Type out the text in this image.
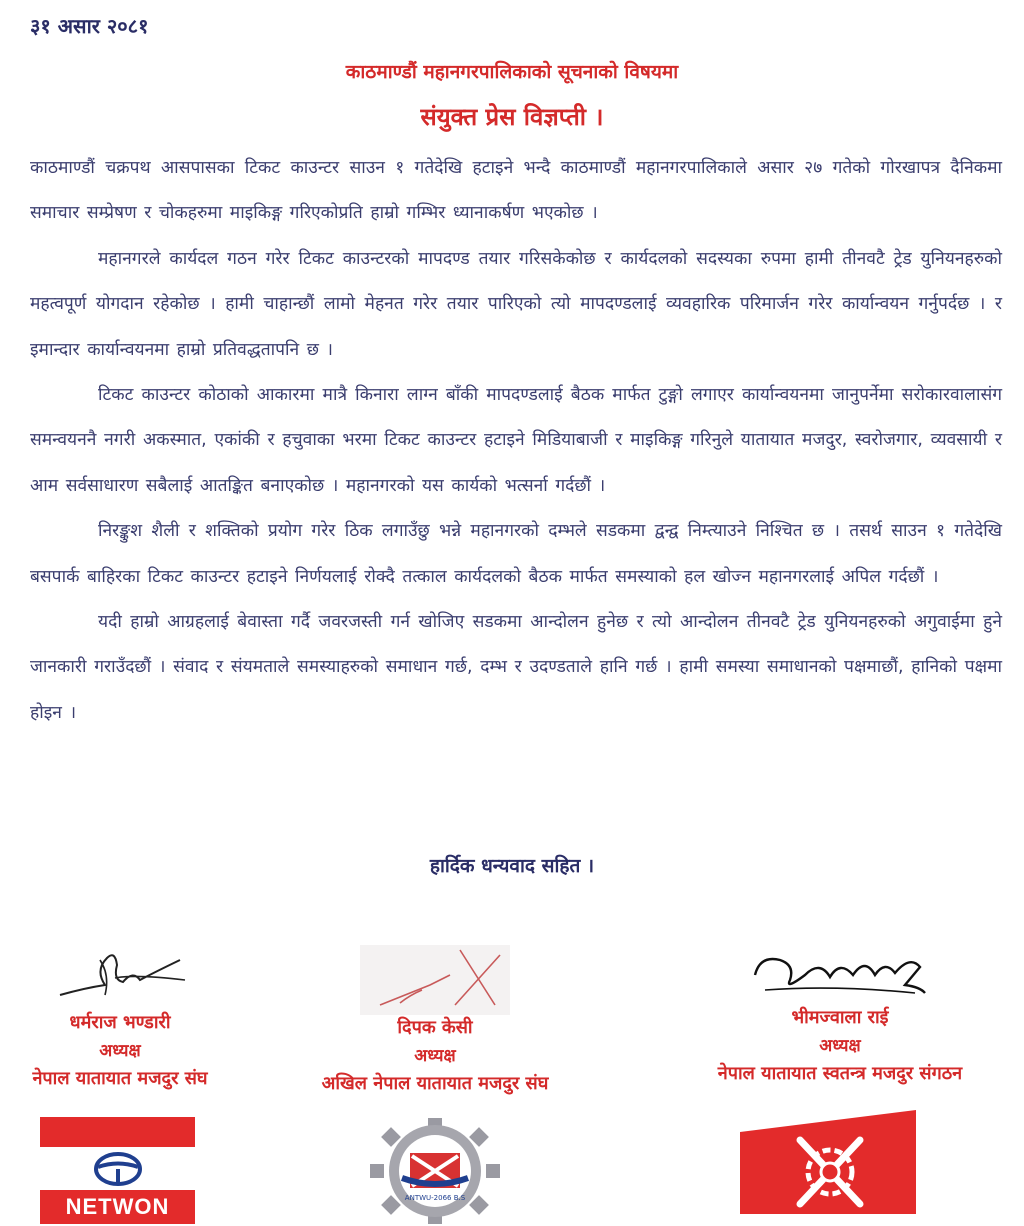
३१ असार २०८१
काठमाण्डौं महानगरपालिकाको सूचनाको विषयमा
संयुक्त प्रेस विज्ञप्ती ।

काठमाण्डौं चक्रपथ आसपासका टिकट काउन्टर साउन १ गतेदेखि हटाइने भन्दै काठमाण्डौं महानगरपालिकाले असार २७ गतेको गोरखापत्र दैनिकमा समाचार सम्प्रेषण र चोकहरुमा माइकिङ्ग गरिएकोप्रति हाम्रो गम्भिर ध्यानाकर्षण भएकोछ ।

महानगरले कार्यदल गठन गरेर टिकट काउन्टरको मापदण्ड तयार गरिसकेकोछ र कार्यदलको सदस्यका रुपमा हामी तीनवटै ट्रेड युनियनहरुको महत्वपूर्ण योगदान रहेकोछ । हामी चाहान्छौं लामो मेहनत गरेर तयार पारिएको त्यो मापदण्डलाई व्यवहारिक परिमार्जन गरेर कार्यान्वयन गर्नुपर्दछ । र इमान्दार कार्यान्वयनमा हाम्रो प्रतिवद्धतापनि छ ।

टिकट काउन्टर कोठाको आकारमा मात्रै किनारा लाग्न बाँकी मापदण्डलाई बैठक मार्फत टुङ्गो लगाएर कार्यान्वयनमा जानुपर्नेमा सरोकारवालासंग समन्वयननै नगरी अकस्मात, एकांकी र हचुवाका भरमा टिकट काउन्टर हटाइने मिडियाबाजी र माइकिङ्ग गरिनुले यातायात मजदुर, स्वरोजगार, व्यवसायी र आम सर्वसाधारण सबैलाई आतङ्कित बनाएकोछ । महानगरको यस कार्यको भत्सर्ना गर्दछौं ।

निरङ्कुश शैली र शक्तिको प्रयोग गरेर ठिक लगाउँछु भन्ने महानगरको दम्भले सडकमा द्वन्द्व निम्त्याउने निश्चित छ । तसर्थ साउन १ गतेदेखि बसपार्क बाहिरका टिकट काउन्टर हटाइने निर्णयलाई रोक्दै तत्काल कार्यदलको बैठक मार्फत समस्याको हल खोज्न महानगरलाई अपिल गर्दछौं ।

यदी हाम्रो आग्रहलाई बेवास्ता गर्दै जवरजस्ती गर्न खोजिए सडकमा आन्दोलन हुनेछ र त्यो आन्दोलन तीनवटै ट्रेड युनियनहरुको अगुवाईमा हुने जानकारी गराउँदछौं । संवाद र संयमताले समस्याहरुको समाधान गर्छ, दम्भ र उदण्डताले हानि गर्छ । हामी समस्या समाधानको पक्षमाछौं, हानिको पक्षमा होइन ।

हार्दिक धन्यवाद सहित ।
धर्मराज भण्डारी
अध्यक्ष
नेपाल यातायात मजदुर संघ
दिपक केसी
अध्यक्ष
अखिल नेपाल यातायात मजदुर संघ
भीमज्वाला राई
अध्यक्ष
नेपाल यातायात स्वतन्त्र मजदुर संगठन
NETWON	ANTWU-2066 B.S
